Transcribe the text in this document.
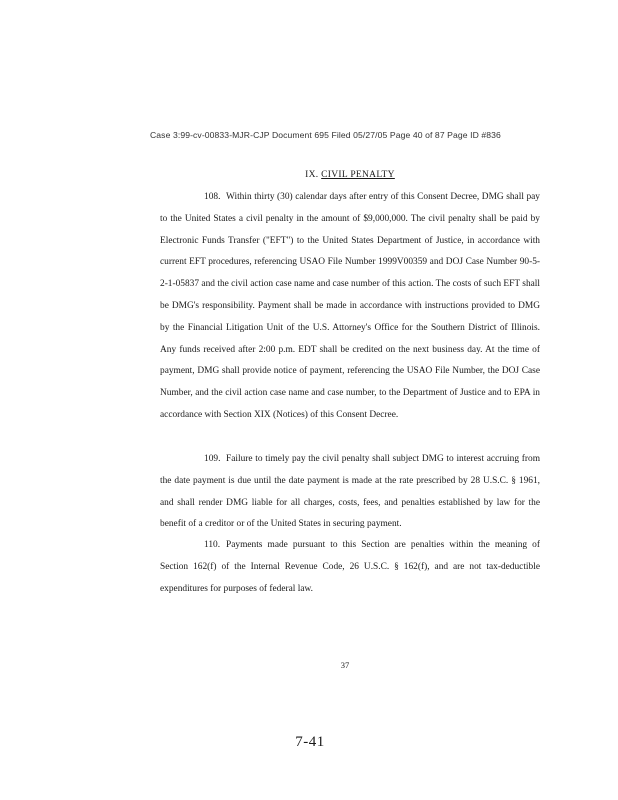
Case 3:99-cv-00833-MJR-CJP Document 695 Filed 05/27/05 Page 40 of 87 Page ID #836
IX. CIVIL PENALTY

108. Within thirty (30) calendar days after entry of this Consent Decree, DMG shall pay to the United States a civil penalty in the amount of $9,000,000. The civil penalty shall be paid by Electronic Funds Transfer ("EFT") to the United States Department of Justice, in accordance with current EFT procedures, referencing USAO File Number 1999V00359 and DOJ Case Number 90-5-2-1-05837 and the civil action case name and case number of this action. The costs of such EFT shall be DMG's responsibility. Payment shall be made in accordance with instructions provided to DMG by the Financial Litigation Unit of the U.S. Attorney's Office for the Southern District of Illinois. Any funds received after 2:00 p.m. EDT shall be credited on the next business day. At the time of payment, DMG shall provide notice of payment, referencing the USAO File Number, the DOJ Case Number, and the civil action case name and case number, to the Department of Justice and to EPA in accordance with Section XIX (Notices) of this Consent Decree.

109. Failure to timely pay the civil penalty shall subject DMG to interest accruing from the date payment is due until the date payment is made at the rate prescribed by 28 U.S.C. § 1961, and shall render DMG liable for all charges, costs, fees, and penalties established by law for the benefit of a creditor or of the United States in securing payment.

110. Payments made pursuant to this Section are penalties within the meaning of Section 162(f) of the Internal Revenue Code, 26 U.S.C. § 162(f), and are not tax-deductible expenditures for purposes of federal law.

37
7-41
